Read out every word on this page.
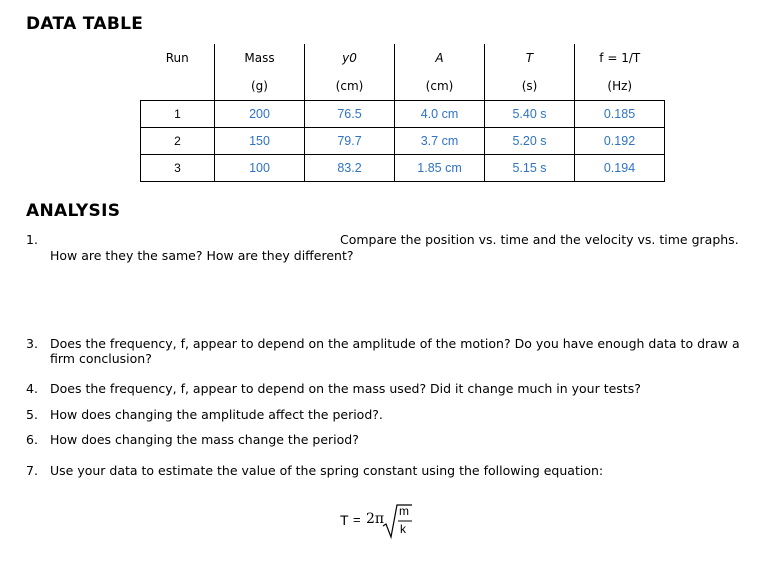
DATA TABLE
Run	Mass	y0	A	T	f = 1/T
	(g)	(cm)	(cm)	(s)	(Hz)
1	200	76.5	4.0 cm	5.40 s	0.185
2	150	79.7	3.7 cm	5.20 s	0.192
3	100	83.2	1.85 cm	5.15 s	0.194
ANALYSIS
1.	Compare the position vs. time and the velocity vs. time graphs.
How are they the same? How are they different?
3. Does the frequency, f, appear to depend on the amplitude of the motion? Do you have enough data to draw a
firm conclusion?
4. Does the frequency, f, appear to depend on the mass used? Did it change much in your tests?
5. How does changing the amplitude affect the period?.
6. How does changing the mass change the period?
7. Use your data to estimate the value of the spring constant using the following equation:
T = 2π m
k
